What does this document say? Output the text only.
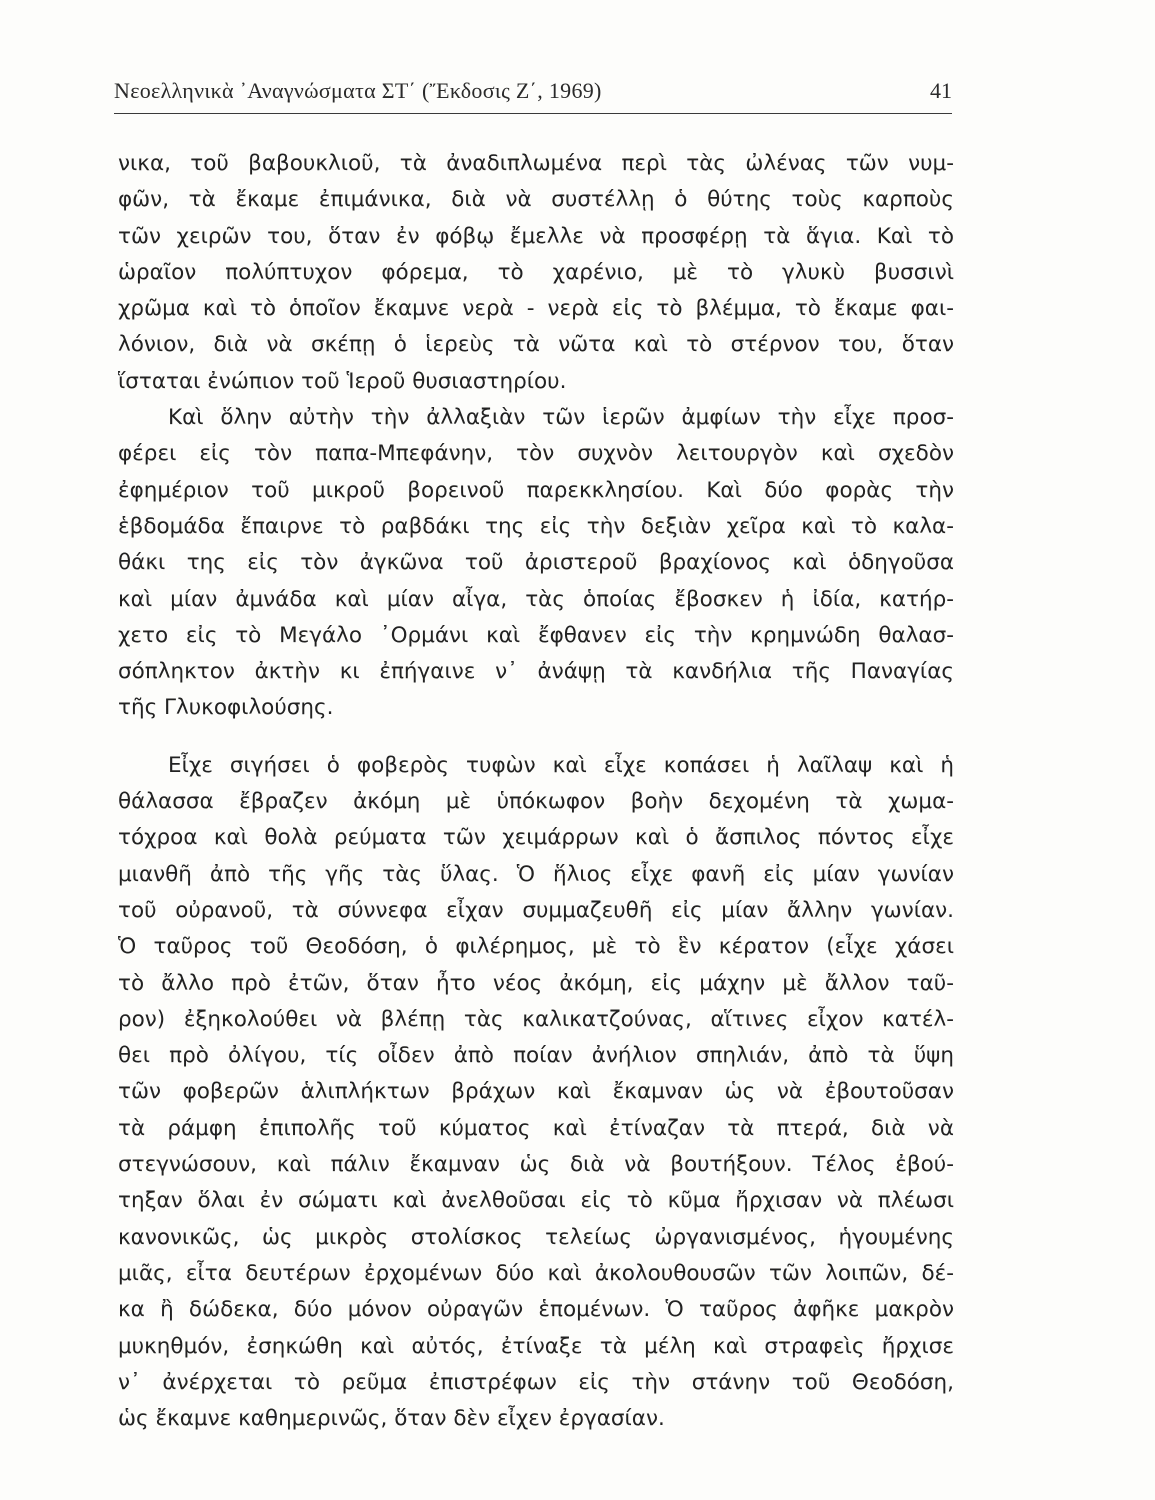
Νεοελληνικὰ ᾿Αναγνώσματα ΣΤ΄ (Ἔκδοσις Ζ΄, 1969)	41
νικα, τοῦ βαβουκλιοῦ, τὰ ἀναδιπλωμένα περὶ τὰς ὠλένας τῶν νυμ-
φῶν, τὰ ἔκαμε ἐπιμάνικα, διὰ νὰ συστέλλῃ ὁ θύτης τοὺς καρποὺς
τῶν χειρῶν του, ὅταν ἐν φόβῳ ἔμελλε νὰ προσφέρῃ τὰ ἅγια. Καὶ τὸ
ὡραῖον πολύπτυχον φόρεμα, τὸ χαρένιο, μὲ τὸ γλυκὺ βυσσινὶ
χρῶμα καὶ τὸ ὁποῖον ἔκαμνε νερὰ - νερὰ εἰς τὸ βλέμμα, τὸ ἔκαμε φαι-
λόνιον, διὰ νὰ σκέπῃ ὁ ἱερεὺς τὰ νῶτα καὶ τὸ στέρνον του, ὅταν
ἵσταται ἐνώπιον τοῦ Ἱεροῦ θυσιαστηρίου.
Καὶ ὅλην αὐτὴν τὴν ἀλλαξιὰν τῶν ἱερῶν ἀμφίων τὴν εἶχε προσ-
φέρει εἰς τὸν παπα-Μπεφάνην, τὸν συχνὸν λειτουργὸν καὶ σχεδὸν
ἐφημέριον τοῦ μικροῦ βορεινοῦ παρεκκλησίου. Καὶ δύο φορὰς τὴν
ἑβδομάδα ἔπαιρνε τὸ ραβδάκι της εἰς τὴν δεξιὰν χεῖρα καὶ τὸ καλα-
θάκι της εἰς τὸν ἀγκῶνα τοῦ ἀριστεροῦ βραχίονος καὶ ὁδηγοῦσα
καὶ μίαν ἀμνάδα καὶ μίαν αἶγα, τὰς ὁποίας ἔβοσκεν ἡ ἰδία, κατήρ-
χετο εἰς τὸ Μεγάλο ᾿Ορμάνι καὶ ἔφθανεν εἰς τὴν κρημνώδη θαλασ-
σόπληκτον ἀκτὴν κι ἐπήγαινε ν᾿ ἀνάψῃ τὰ κανδήλια τῆς Παναγίας
τῆς Γλυκοφιλούσης.
Εἶχε σιγήσει ὁ φοβερὸς τυφὼν καὶ εἶχε κοπάσει ἡ λαῖλαψ καὶ ἡ
θάλασσα ἔβραζεν ἀκόμη μὲ ὑπόκωφον βοὴν δεχομένη τὰ χωμα-
τόχροα καὶ θολὰ ρεύματα τῶν χειμάρρων καὶ ὁ ἄσπιλος πόντος εἶχε
μιανθῆ ἀπὸ τῆς γῆς τὰς ὕλας. Ὁ ἥλιος εἶχε φανῆ εἰς μίαν γωνίαν
τοῦ οὐρανοῦ, τὰ σύννεφα εἶχαν συμμαζευθῆ εἰς μίαν ἄλλην γωνίαν.
Ὁ ταῦρος τοῦ Θεοδόση, ὁ φιλέρημος, μὲ τὸ ἓν κέρατον (εἶχε χάσει
τὸ ἄλλο πρὸ ἐτῶν, ὅταν ἦτο νέος ἀκόμη, εἰς μάχην μὲ ἄλλον ταῦ-
ρον) ἐξηκολούθει νὰ βλέπῃ τὰς καλικατζούνας, αἵτινες εἶχον κατέλ-
θει πρὸ ὀλίγου, τίς οἶδεν ἀπὸ ποίαν ἀνήλιον σπηλιάν, ἀπὸ τὰ ὕψη
τῶν φοβερῶν ἁλιπλήκτων βράχων καὶ ἔκαμναν ὡς νὰ ἐβουτοῦσαν
τὰ ράμφη ἐπιπολῆς τοῦ κύματος καὶ ἐτίναζαν τὰ πτερά, διὰ νὰ
στεγνώσουν, καὶ πάλιν ἔκαμναν ὡς διὰ νὰ βουτήξουν. Τέλος ἐβού-
τηξαν ὅλαι ἐν σώματι καὶ ἀνελθοῦσαι εἰς τὸ κῦμα ἤρχισαν νὰ πλέωσι
κανονικῶς, ὡς μικρὸς στολίσκος τελείως ὠργανισμένος, ἡγουμένης
μιᾶς, εἶτα δευτέρων ἐρχομένων δύο καὶ ἀκολουθουσῶν τῶν λοιπῶν, δέ-
κα ἢ δώδεκα, δύο μόνον οὐραγῶν ἑπομένων. Ὁ ταῦρος ἀφῆκε μακρὸν
μυκηθμόν, ἐσηκώθη καὶ αὐτός, ἐτίναξε τὰ μέλη καὶ στραφεὶς ἤρχισε
ν᾿ ἀνέρχεται τὸ ρεῦμα ἐπιστρέφων εἰς τὴν στάνην τοῦ Θεοδόση,
ὡς ἔκαμνε καθημερινῶς, ὅταν δὲν εἶχεν ἐργασίαν.
